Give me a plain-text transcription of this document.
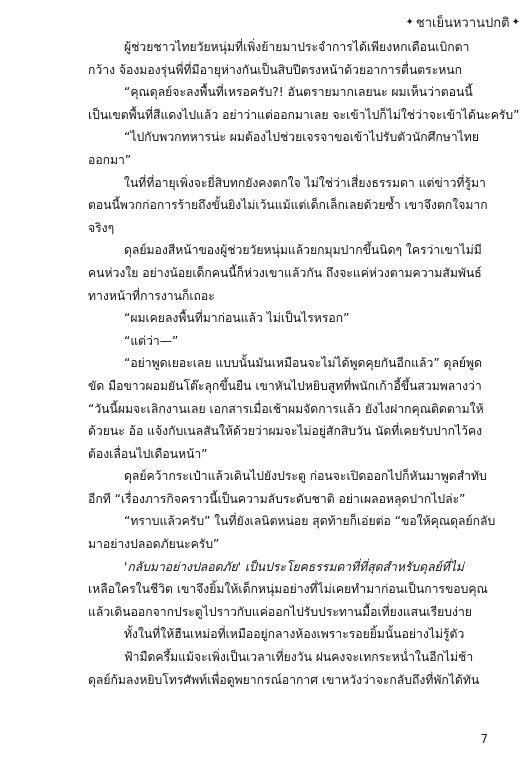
✦ ชาเย็นหวานปกติ ✦
ผู้ช่วยชาวไทยวัยหนุ่มที่เพิ่งย้ายมาประจำการได้เพียงหกเดือนเบิกตา
กว้าง จ้องมองรุ่นพี่ที่มีอายุห่างกันเป็นสิบปีตรงหน้าด้วยอาการตื่นตระหนก
“คุณดุลย์จะลงพื้นที่เหรอครับ?! อันตรายมากเลยนะ ผมเห็นว่าตอนนี้
เป็นเขตพื้นที่สีแดงไปแล้ว อย่าว่าแต่ออกมาเลย จะเข้าไปก็ไม่ใช่ว่าจะเข้าได้นะครับ”
“ไปกับพวกทหารน่ะ ผมต้องไปช่วยเจรจาขอเข้าไปรับตัวนักศึกษาไทย
ออกมา”
ในที่ที่อายุเพิ่งจะยี่สิบทกยังคงตกใจ ไม่ใช่ว่าเสี่ยงธรรมดา แต่ข่าวที่รู้มา
ตอนนี้พวกก่อการร้ายถึงขั้นยิงไม่เว้นแม้แต่เด็กเล็กเลยด้วยซ้ำ เขาจึงตกใจมาก
จริงๆ
ดุลย์มองสีหน้าของผู้ช่วยวัยหนุ่มแล้วยกมุมปากขึ้นนิดๆ ใครว่าเขาไม่มี
คนห่วงใย อย่างน้อยเด็กคนนี้ก็ห่วงเขาแล้วกัน ถึงจะแค่ห่วงตามความสัมพันธ์
ทางหน้าที่การงานก็เถอะ
“ผมเคยลงพื้นที่มาก่อนแล้ว ไม่เป็นไรหรอก”
“แต่ว่า—”
“อย่าพูดเยอะเลย แบบนั้นมันเหมือนจะไม่ได้พูดคุยกันอีกแล้ว” ดุลย์พูด
ขัด มือขาวผอมยันโต๊ะลุกขึ้นยืน เขาหันไปหยิบสูทที่พนักเก้าอี้ขึ้นสวมพลางว่า
“วันนี้ผมจะเลิกงานเลย เอกสารเมื่อเช้าผมจัดการแล้ว ยังไงฝากคุณติดตามให้
ด้วยนะ อ้อ แจ้งกับเนลสันให้ด้วยว่าผมจะไม่อยู่สักสิบวัน นัดที่เคยรับปากไว้คง
ต้องเลื่อนไปเดือนหน้า”
ดุลย์คว้ากระเป๋าแล้วเดินไปยังประตู ก่อนจะเปิดออกไปก็หันมาพูดสำทับ
อีกที “เรื่องภารกิจคราวนี้เป็นความลับระดับชาติ อย่าเผลอหลุดปากไปล่ะ”
“ทราบแล้วครับ” ในที่ยังเลนิตหน่อย สุดท้ายก็เอ่ยต่อ “ขอให้คุณดุลย์กลับ
มาอย่างปลอดภัยนะครับ”
'กลับมาอย่างปลอดภัย' เป็นประโยคธรรมดาที่ที่สุดสำหรับดุลย์ที่ไม่
เหลือใครในชีวิต เขาจึงยิ้มให้เด็กหนุ่มอย่างที่ไม่เคยทำมาก่อนเป็นการขอบคุณ
แล้วเดินออกจากประตูไปราวกับแค่ออกไปรับประทานมื้อเที่ยงแสนเรียบง่าย
ทั้งในที่ให้ฮืนเหม่อที่เหมืออยู่กลางห้องเพราะรอยยิ้มนั้นอย่างไม่รู้ตัว
ฟ้ามืดครึ้มแม้จะเพิ่งเป็นเวลาเที่ยงวัน ฝนคงจะเทกระหน่ำในอีกไม่ช้า
ดุลย์ก้มลงหยิบโทรศัพท์เพื่อดูพยากรณ์อากาศ เขาหวังว่าจะกลับถึงที่พักได้ทัน
7
